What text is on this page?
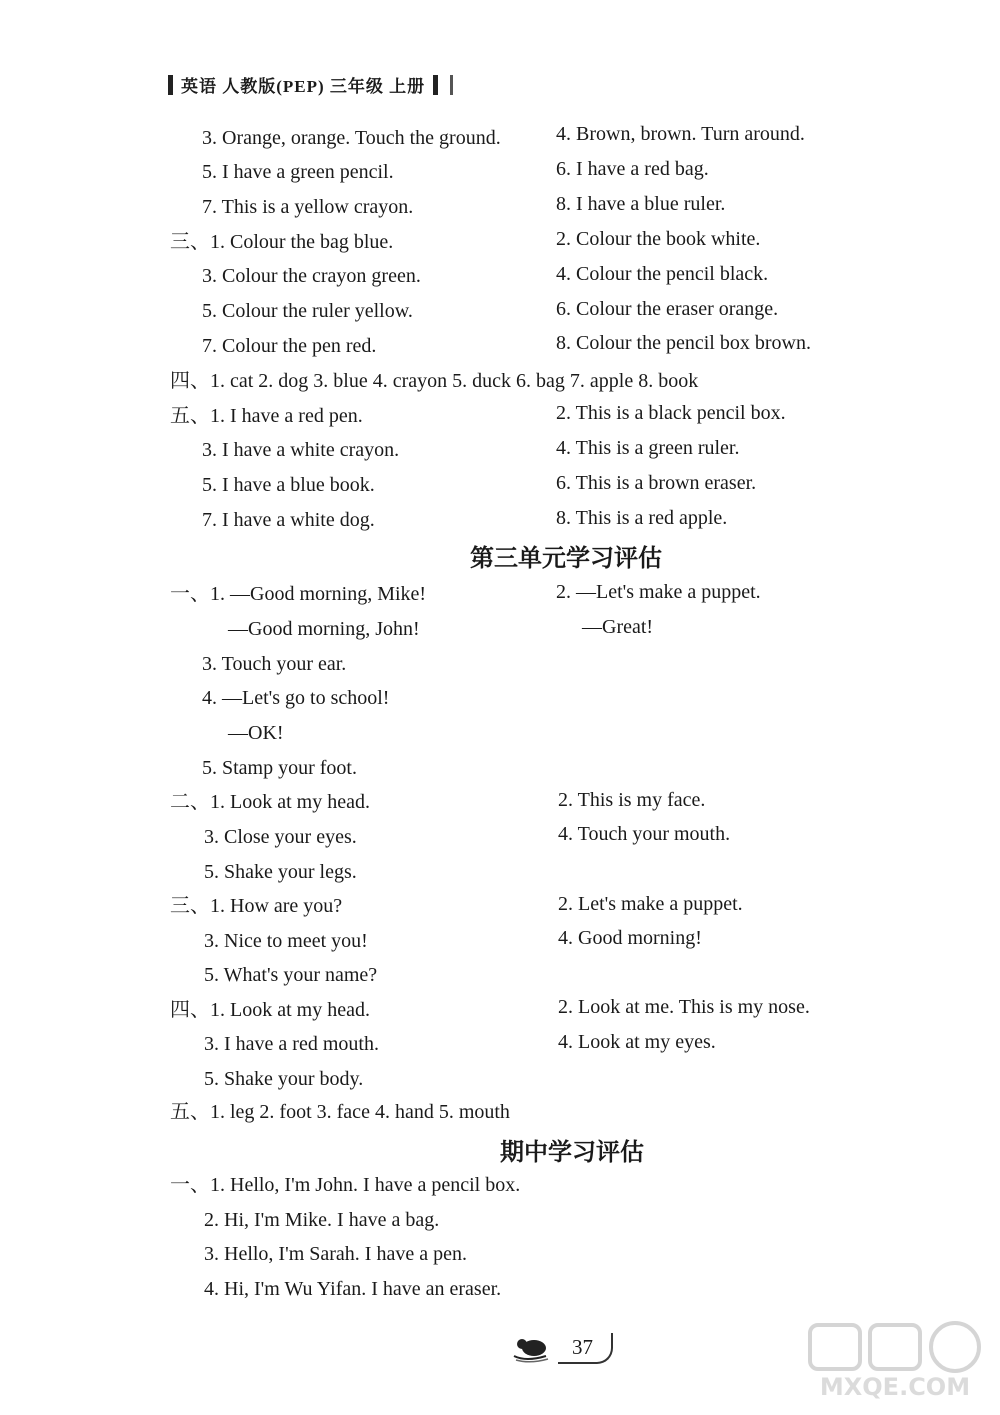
英语 人教版(PEP) 三年级 上册
3. Orange, orange. Touch the ground.	4. Brown, brown. Turn around.
5. I have a green pencil.	6. I have a red bag.
7. This is a yellow crayon.	8. I have a blue ruler.
三、1. Colour the bag blue.	2. Colour the book white.
3. Colour the crayon green.	4. Colour the pencil black.
5. Colour the ruler yellow.	6. Colour the eraser orange.
7. Colour the pen red.	8. Colour the pencil box brown.
四、1. cat 2. dog 3. blue 4. crayon 5. duck 6. bag 7. apple 8. book
五、1. I have a red pen.	2. This is a black pencil box.
3. I have a white crayon.	4. This is a green ruler.
5. I have a blue book.	6. This is a brown eraser.
7. I have a white dog.	8. This is a red apple.
第三单元学习评估
一、1. —Good morning, Mike!	2. —Let's make a puppet.
—Good morning, John!	—Great!
3. Touch your ear.
4. —Let's go to school!
—OK!
5. Stamp your foot.
二、1. Look at my head.	2. This is my face.
3. Close your eyes.	4. Touch your mouth.
5. Shake your legs.
三、1. How are you?	2. Let's make a puppet.
3. Nice to meet you!	4. Good morning!
5. What's your name?
四、1. Look at my head.	2. Look at me. This is my nose.
3. I have a red mouth.	4. Look at my eyes.
5. Shake your body.
五、1. leg 2. foot 3. face 4. hand 5. mouth
期中学习评估
一、1. Hello, I'm John. I have a pencil box.
2. Hi, I'm Mike. I have a bag.
3. Hello, I'm Sarah. I have a pen.
4. Hi, I'm Wu Yifan. I have an eraser.
37
MXQE.COM
